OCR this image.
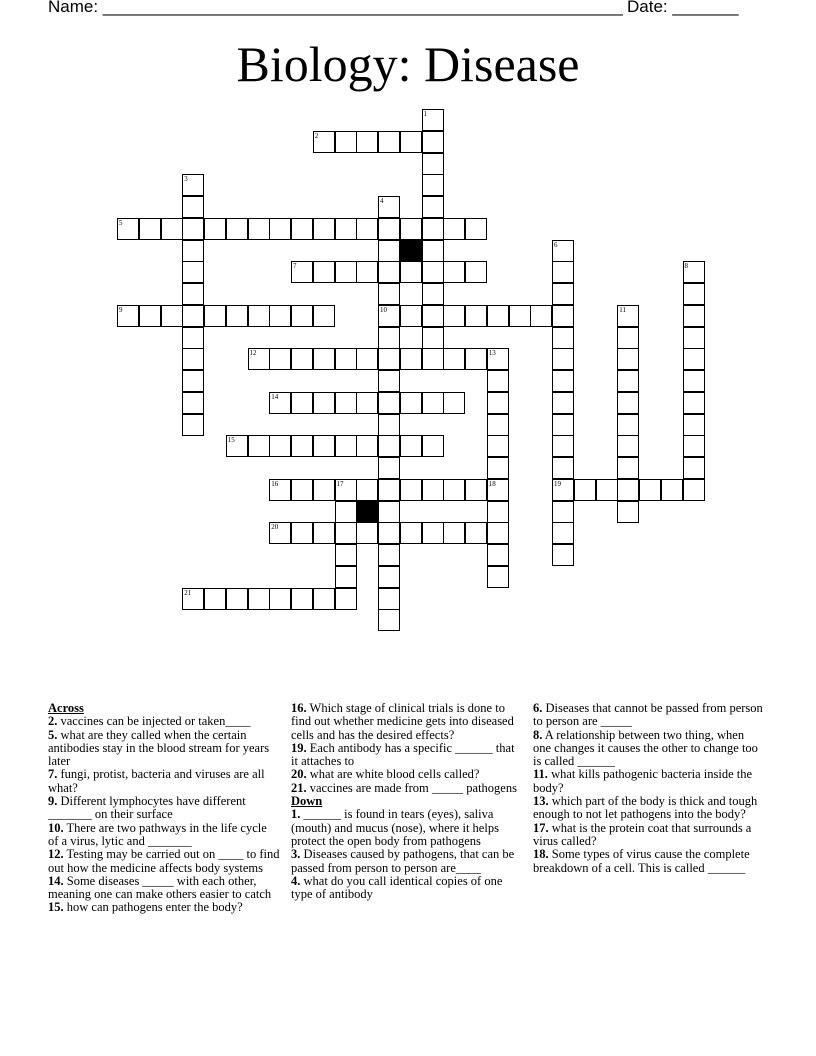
Name: _______________________________________________________ Date: _______
Biology: Disease
2
5
7
9	10
12	13
14
15
16	17	18	19
20
21
1
3
4
6
8
11
Across
2. vaccines can be injected or taken____
5. what are they called when the certain antibodies stay in the blood stream for years later
7. fungi, protist, bacteria and viruses are all what?
9. Different lymphocytes have different _______ on their surface
10. There are two pathways in the life cycle of a virus, lytic and _______
12. Testing may be carried out on ____ to find out how the medicine affects body systems
14. Some diseases _____ with each other, meaning one can make others easier to catch
15. how can pathogens enter the body?
16. Which stage of clinical trials is done to find out whether medicine gets into diseased cells and has the desired effects?
19. Each antibody has a specific ______ that it attaches to
20. what are white blood cells called?
21. vaccines are made from _____ pathogens
Down
1. ______ is found in tears (eyes), saliva (mouth) and mucus (nose), where it helps protect the open body from pathogens
3. Diseases caused by pathogens, that can be passed from person to person are____
4. what do you call identical copies of one type of antibody
6. Diseases that cannot be passed from person to person are _____
8. A relationship between two thing, when one changes it causes the other to change too is called ______
11. what kills pathogenic bacteria inside the body?
13. which part of the body is thick and tough enough to not let pathogens into the body?
17. what is the protein coat that surrounds a virus called?
18. Some types of virus cause the complete breakdown of a cell. This is called ______
